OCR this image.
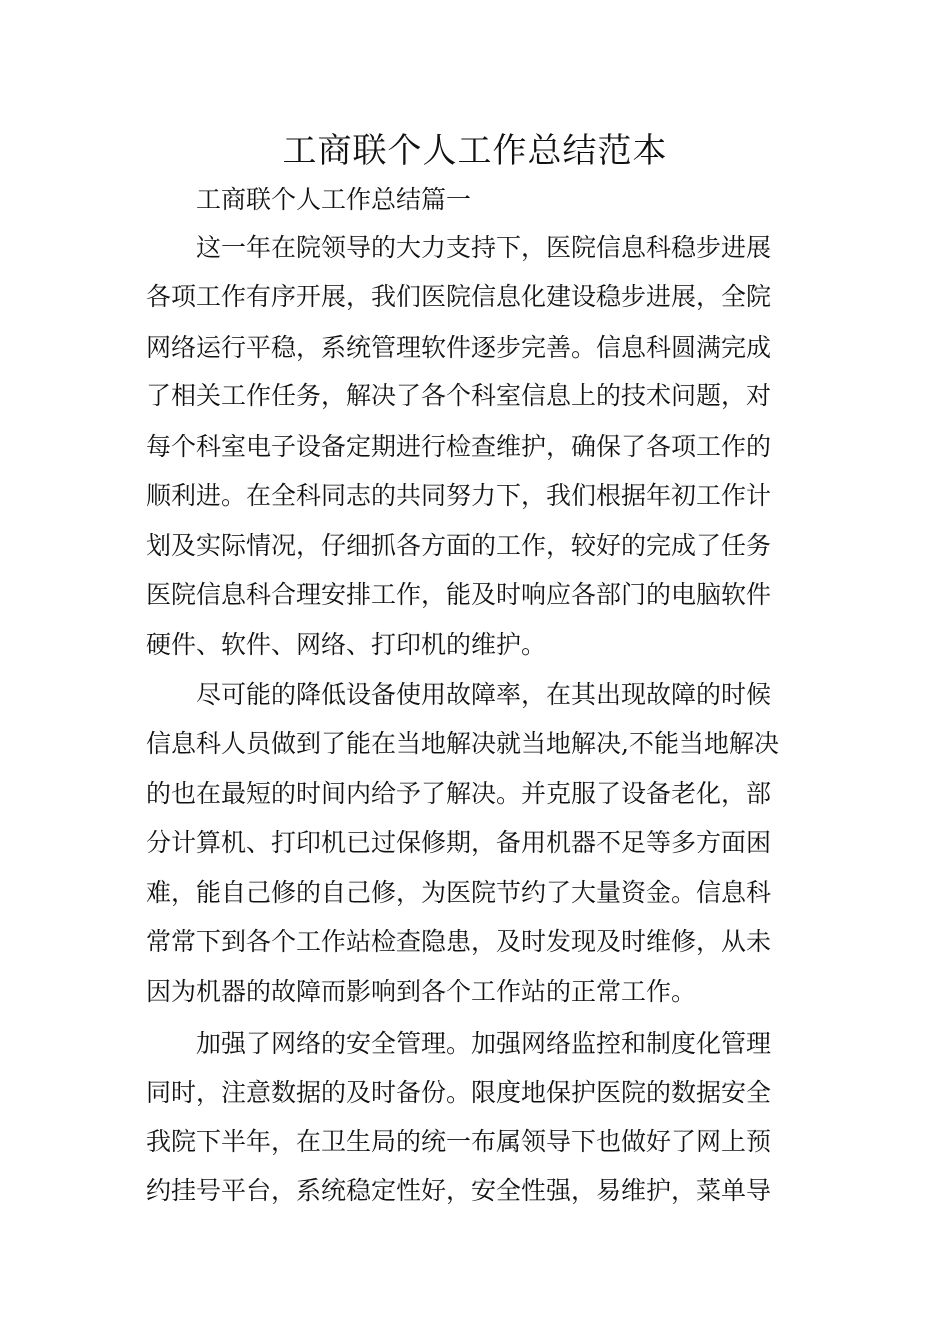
工商联个人工作总结范本

工商联个人工作总结篇一

这一年在院领导的大力支持下，医院信息科稳步进展

各项工作有序开展，我们医院信息化建设稳步进展，全院

网络运行平稳，系统管理软件逐步完善。信息科圆满完成

了相关工作任务，解决了各个科室信息上的技术问题，对

每个科室电子设备定期进行检查维护，确保了各项工作的

顺利进。在全科同志的共同努力下，我们根据年初工作计

划及实际情况，仔细抓各方面的工作，较好的完成了任务

医院信息科合理安排工作，能及时响应各部门的电脑软件

硬件、软件、网络、打印机的维护。

尽可能的降低设备使用故障率，在其出现故障的时候

信息科人员做到了能在当地解决就当地解决,不能当地解决

的也在最短的时间内给予了解决。并克服了设备老化，部

分计算机、打印机已过保修期，备用机器不足等多方面困

难，能自己修的自己修，为医院节约了大量资金。信息科

常常下到各个工作站检查隐患，及时发现及时维修，从未

因为机器的故障而影响到各个工作站的正常工作。

加强了网络的安全管理。加强网络监控和制度化管理

同时，注意数据的及时备份。限度地保护医院的数据安全

我院下半年，在卫生局的统一布属领导下也做好了网上预

约挂号平台，系统稳定性好，安全性强，易维护，菜单导
